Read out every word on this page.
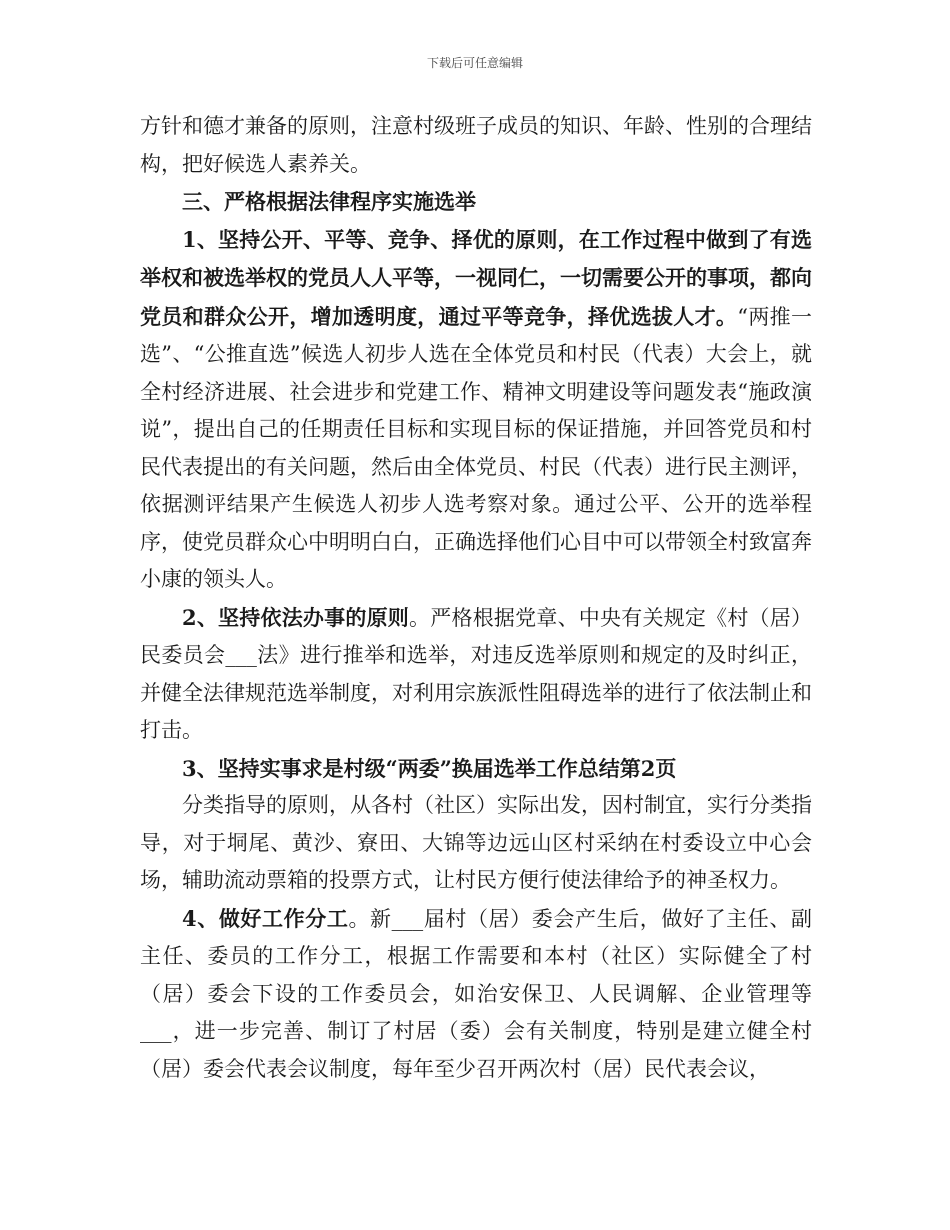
下载后可任意编辑

方针和德才兼备的原则，注意村级班子成员的知识、年龄、性别的合理结构，把好候选人素养关。

三、严格根据法律程序实施选举

1、坚持公开、平等、竞争、择优的原则，在工作过程中做到了有选举权和被选举权的党员人人平等，一视同仁，一切需要公开的事项，都向党员和群众公开，增加透明度，通过平等竞争，择优选拔人才。“两推一选”、“公推直选”候选人初步人选在全体党员和村民（代表）大会上，就全村经济进展、社会进步和党建工作、精神文明建设等问题发表“施政演说”，提出自己的任期责任目标和实现目标的保证措施，并回答党员和村民代表提出的有关问题，然后由全体党员、村民（代表）进行民主测评，依据测评结果产生候选人初步人选考察对象。通过公平、公开的选举程序，使党员群众心中明明白白，正确选择他们心目中可以带领全村致富奔小康的领头人。

2、坚持依法办事的原则。严格根据党章、中央有关规定《村（居）民委员会___法》进行推举和选举，对违反选举原则和规定的及时纠正，并健全法律规范选举制度，对利用宗族派性阻碍选举的进行了依法制止和打击。

3、坚持实事求是村级“两委”换届选举工作总结第2页

分类指导的原则，从各村（社区）实际出发，因村制宜，实行分类指导，对于垌尾、黄沙、寮田、大锦等边远山区村采纳在村委设立中心会场，辅助流动票箱的投票方式，让村民方便行使法律给予的神圣权力。

4、做好工作分工。新___届村（居）委会产生后，做好了主任、副主任、委员的工作分工，根据工作需要和本村（社区）实际健全了村（居）委会下设的工作委员会，如治安保卫、人民调解、企业管理等___，进一步完善、制订了村居（委）会有关制度，特别是建立健全村（居）委会代表会议制度，每年至少召开两次村（居）民代表会议，
